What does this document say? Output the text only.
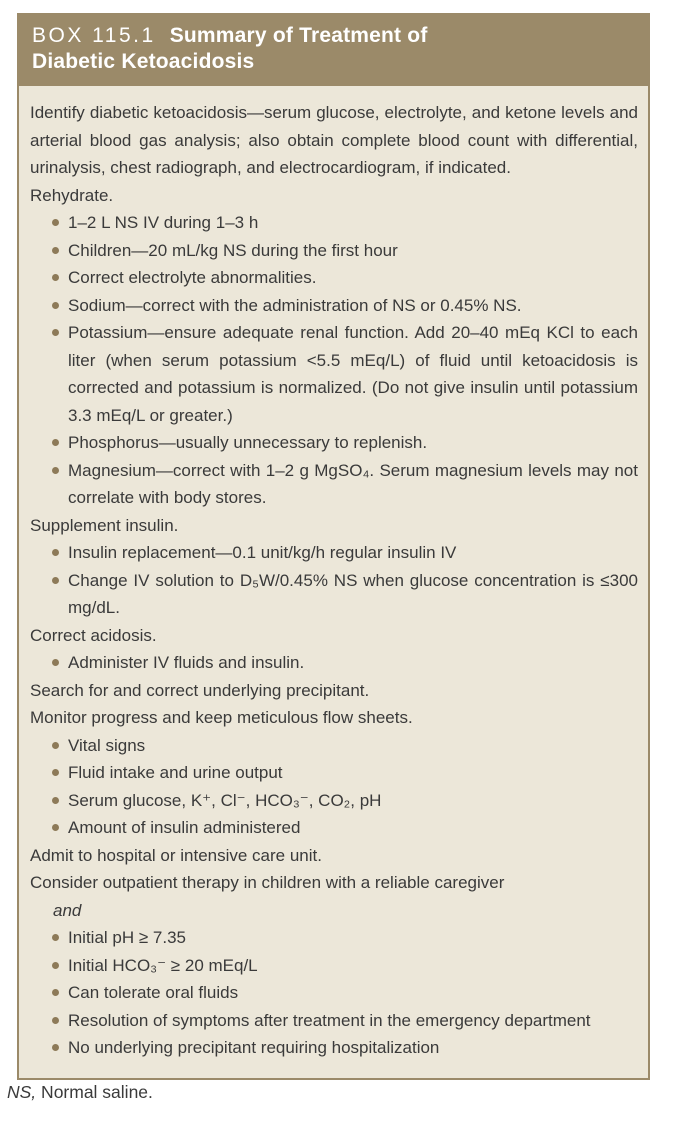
BOX 115.1 Summary of Treatment of
Diabetic Ketoacidosis

Identify diabetic ketoacidosis—serum glucose, electrolyte, and ketone levels and arterial blood gas analysis; also obtain complete blood count with differential, urinalysis, chest radiograph, and electrocardiogram, if indicated.

Rehydrate.

1–2 L NS IV during 1–3 h
Children—20 mL/kg NS during the first hour
Correct electrolyte abnormalities.
Sodium—correct with the administration of NS or 0.45% NS.
Potassium—ensure adequate renal function. Add 20–40 mEq KCl to each liter (when serum potassium <5.5 mEq/L) of fluid until ketoacidosis is corrected and potassium is normalized. (Do not give insulin until potassium 3.3 mEq/L or greater.)
Phosphorus—usually unnecessary to replenish.
Magnesium—correct with 1–2 g MgSO₄. Serum magnesium levels may not correlate with body stores.

Supplement insulin.

Insulin replacement—0.1 unit/kg/h regular insulin IV
Change IV solution to D₅W/0.45% NS when glucose concentration is ≤300 mg/dL.

Correct acidosis.

Administer IV fluids and insulin.

Search for and correct underlying precipitant.

Monitor progress and keep meticulous flow sheets.

Vital signs
Fluid intake and urine output
Serum glucose, K⁺, Cl⁻, HCO₃⁻, CO₂, pH
Amount of insulin administered

Admit to hospital or intensive care unit.

Consider outpatient therapy in children with a reliable caregiver

and

Initial pH ≥ 7.35
Initial HCO₃⁻ ≥ 20 mEq/L
Can tolerate oral fluids
Resolution of symptoms after treatment in the emergency department
No underlying precipitant requiring hospitalization

NS, Normal saline.
